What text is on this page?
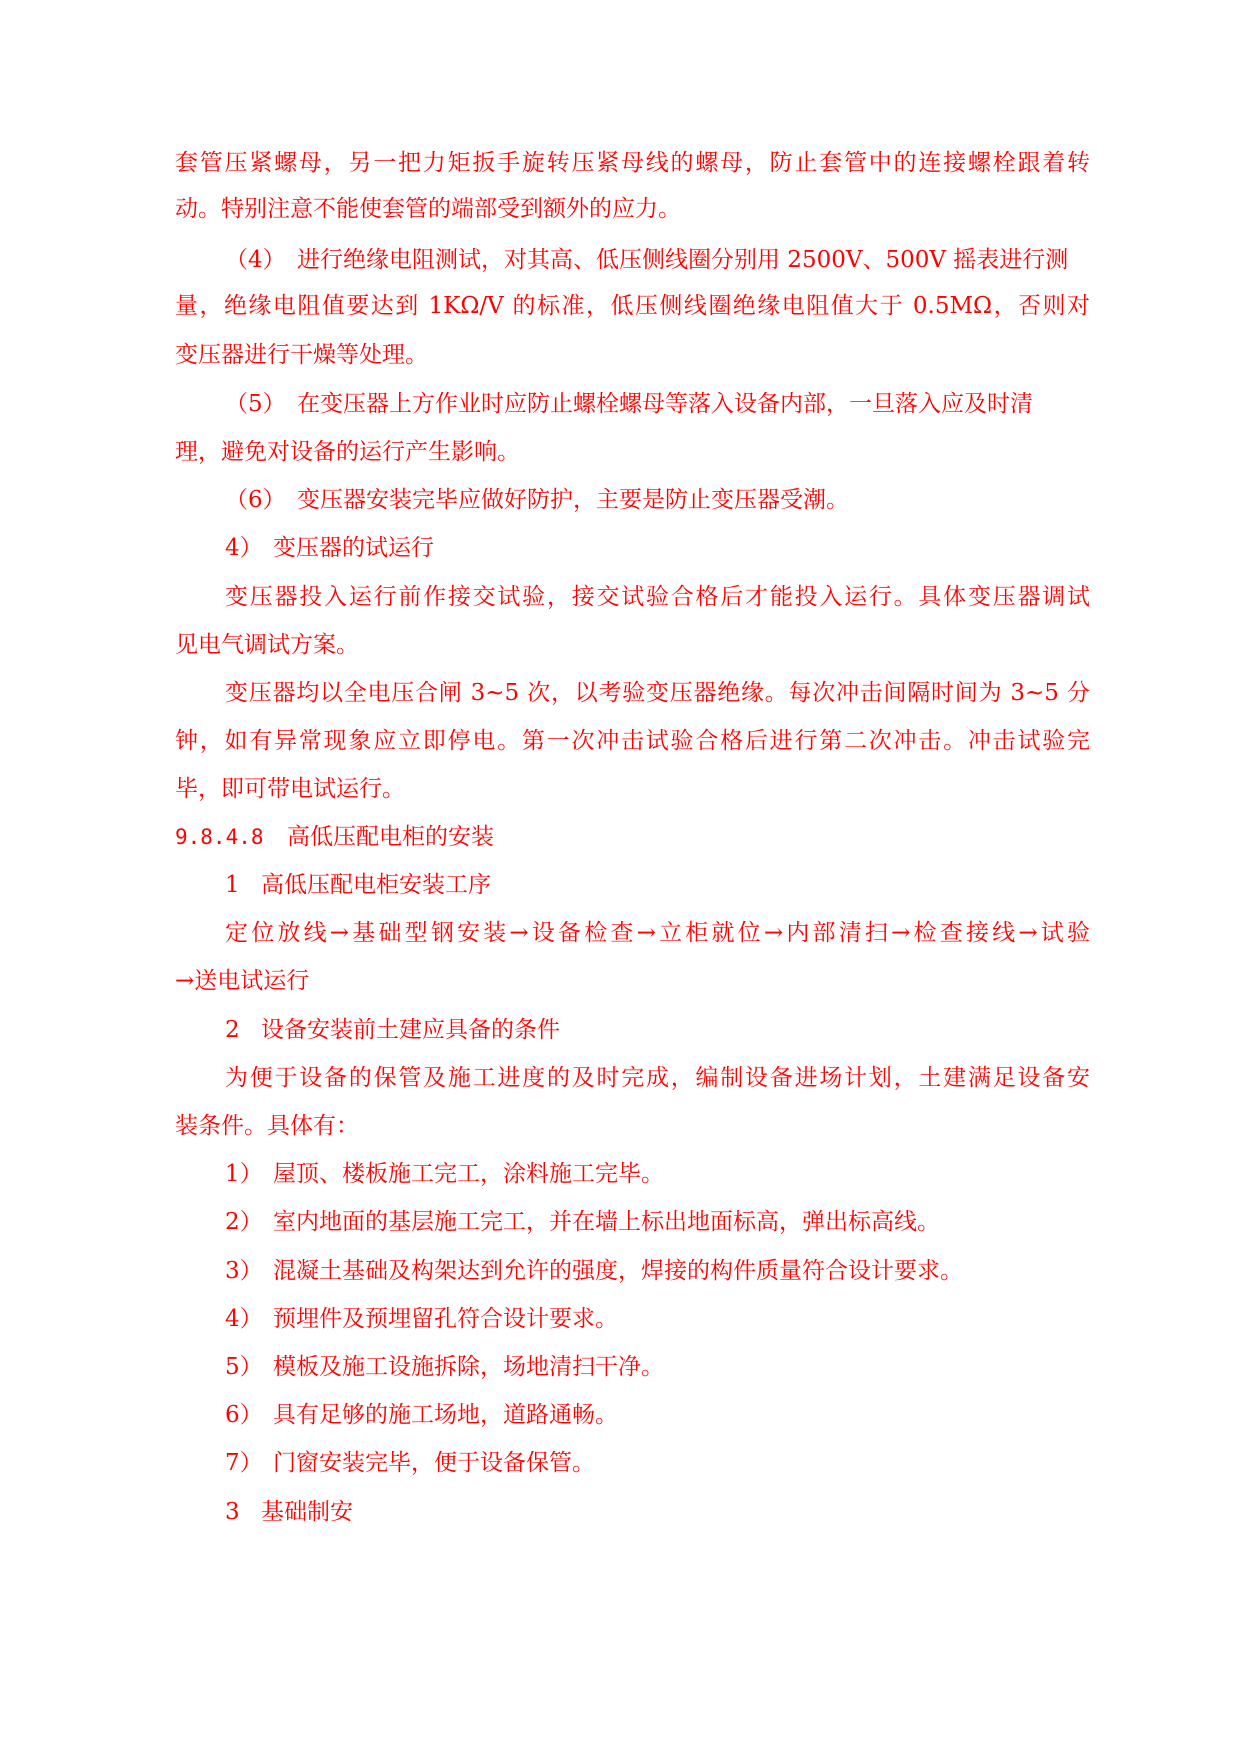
套管压紧螺母，另一把力矩扳手旋转压紧母线的螺母，防止套管中的连接螺栓跟着转
动。特别注意不能使套管的端部受到额外的应力。
（4） 进行绝缘电阻测试，对其高、低压侧线圈分别用 2500V、500V 摇表进行测
量，绝缘电阻值要达到 1KΩ/V 的标准，低压侧线圈绝缘电阻值大于 0.5MΩ，否则对
变压器进行干燥等处理。
（5） 在变压器上方作业时应防止螺栓螺母等落入设备内部，一旦落入应及时清
理，避免对设备的运行产生影响。
（6） 变压器安装完毕应做好防护，主要是防止变压器受潮。
4） 变压器的试运行
变压器投入运行前作接交试验，接交试验合格后才能投入运行。具体变压器调试
见电气调试方案。
变压器均以全电压合闸 3~5 次，以考验变压器绝缘。每次冲击间隔时间为 3~5 分
钟，如有异常现象应立即停电。第一次冲击试验合格后进行第二次冲击。冲击试验完
毕，即可带电试运行。
9.8.4.8 高低压配电柜的安装
1 高低压配电柜安装工序
定位放线→基础型钢安装→设备检查→立柜就位→内部清扫→检查接线→试验
→送电试运行
2 设备安装前土建应具备的条件
为便于设备的保管及施工进度的及时完成，编制设备进场计划，土建满足设备安
装条件。具体有：
1） 屋顶、楼板施工完工，涂料施工完毕。
2） 室内地面的基层施工完工，并在墙上标出地面标高，弹出标高线。
3） 混凝土基础及构架达到允许的强度，焊接的构件质量符合设计要求。
4） 预埋件及预埋留孔符合设计要求。
5） 模板及施工设施拆除，场地清扫干净。
6） 具有足够的施工场地，道路通畅。
7） 门窗安装完毕，便于设备保管。
3 基础制安
